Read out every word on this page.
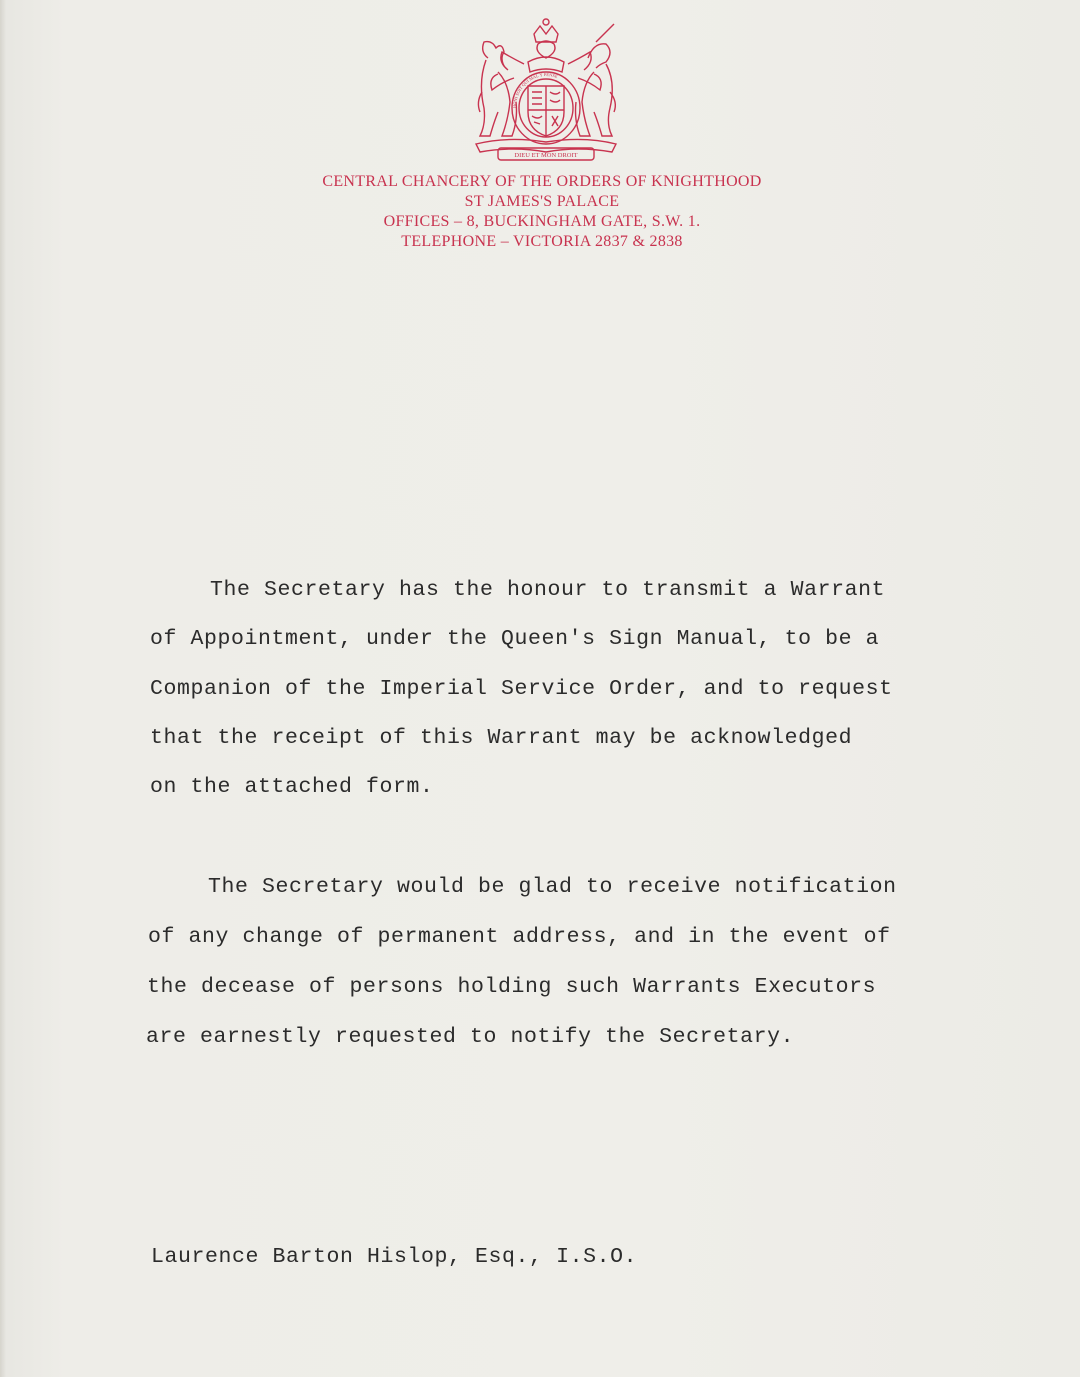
DIEU ET MON DROIT
HONI SOIT QUI MAL Y PENSE
CENTRAL CHANCERY OF THE ORDERS OF KNIGHTHOOD
ST JAMES'S PALACE
OFFICES – 8, BUCKINGHAM GATE, S.W. 1.
TELEPHONE – VICTORIA 2837 & 2838
The Secretary has the honour to transmit a Warrant
of Appointment, under the Queen's Sign Manual, to be a
Companion of the Imperial Service Order, and to request
that the receipt of this Warrant may be acknowledged
on the attached form.
The Secretary would be glad to receive notification
of any change of permanent address, and in the event of
the decease of persons holding such Warrants Executors
are earnestly requested to notify the Secretary.
Laurence Barton Hislop, Esq., I.S.O.
